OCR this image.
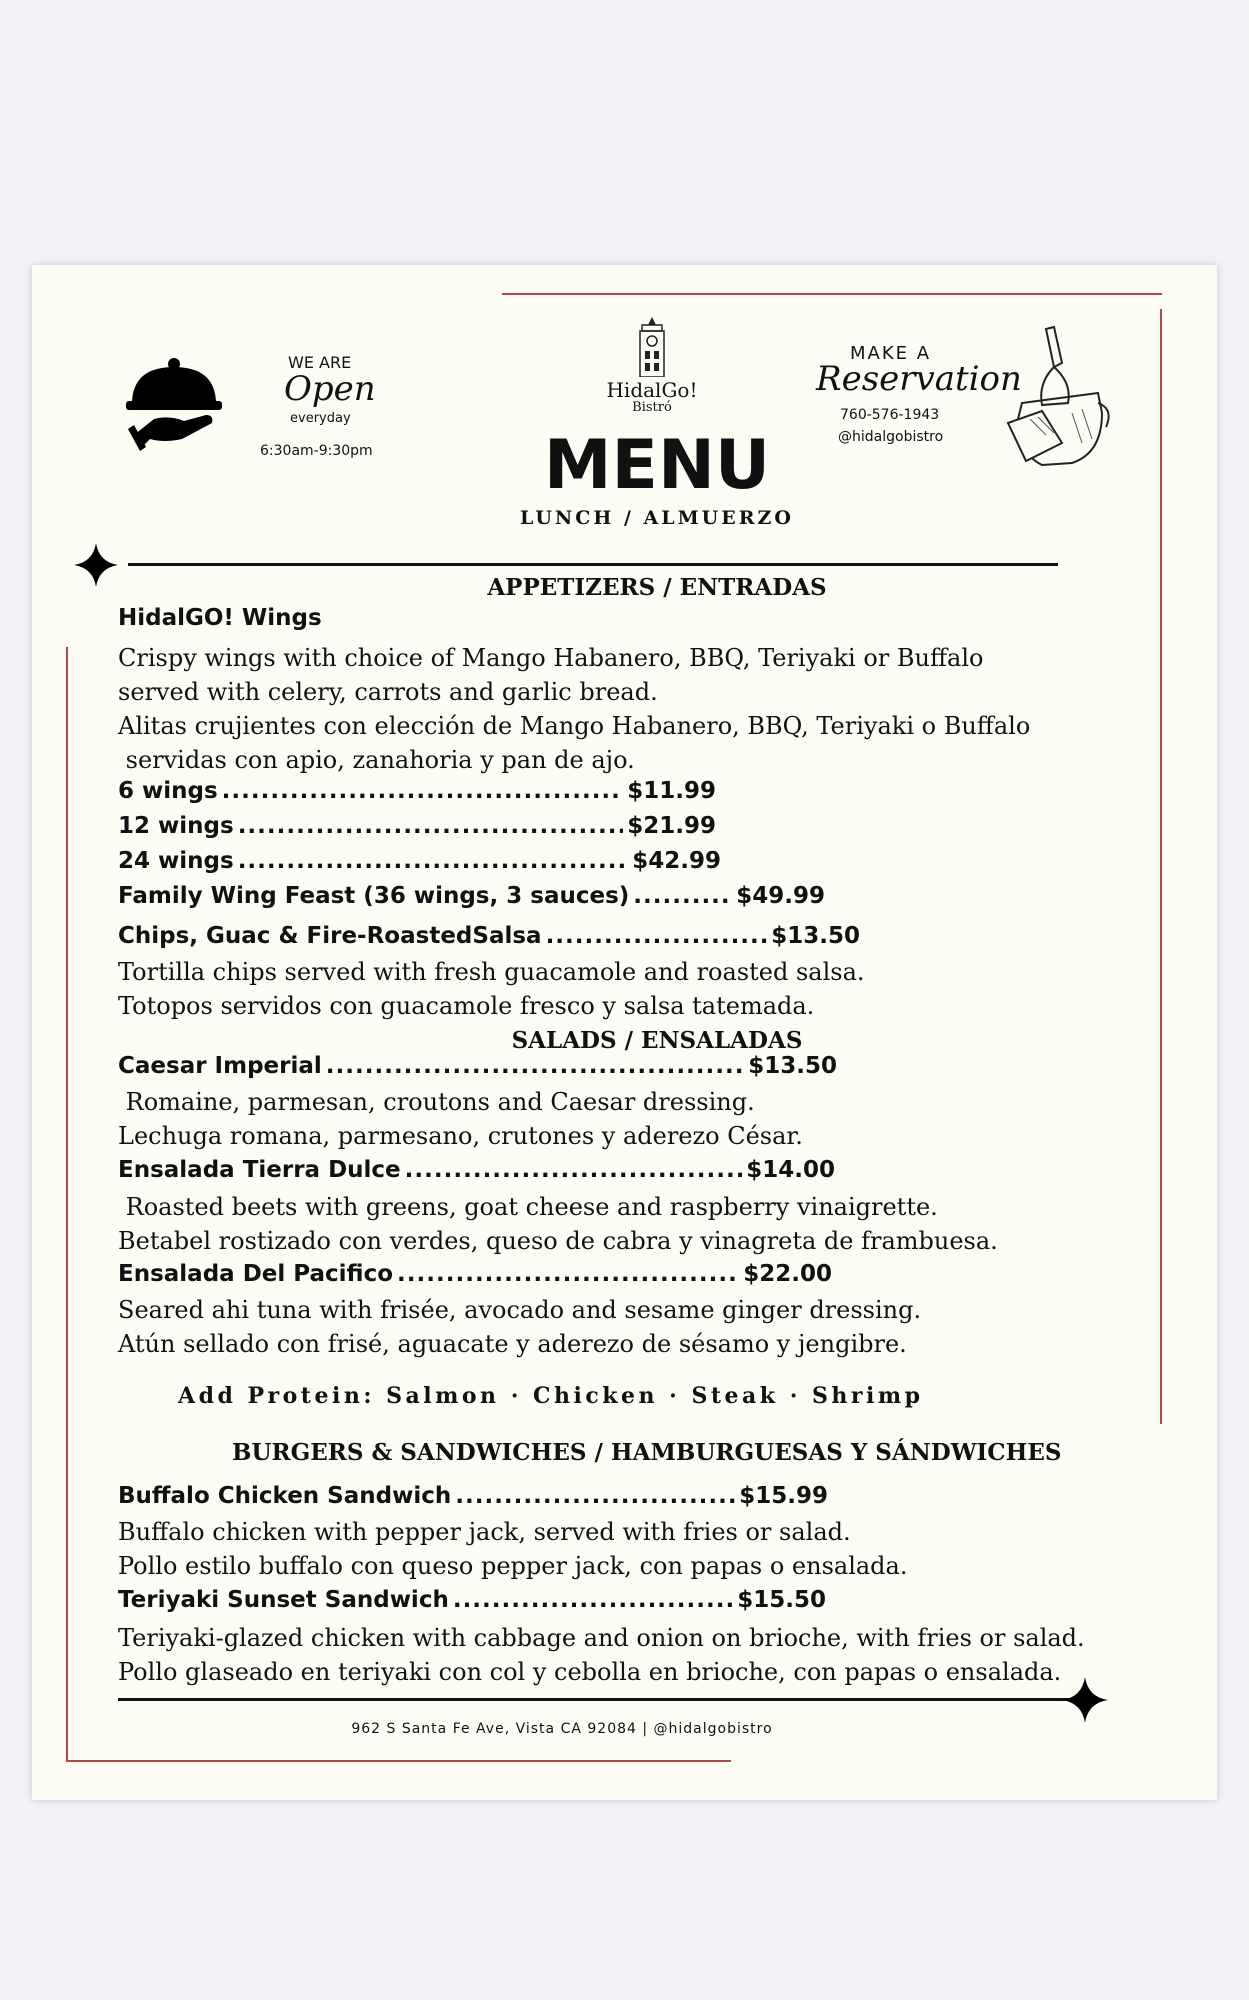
WE ARE
Open
everyday
6:30am-9:30pm
HidalGo!
Bistró
MENU
LUNCH / ALMUERZO
MAKE A
Reservation
760-576-1943
@hidalgobistro
APPETIZERS / ENTRADAS
HidalGO! Wings
Crispy wings with choice of Mango Habanero, BBQ, Teriyaki or Buffalo
served with celery, carrots and garlic bread.
Alitas crujientes con elección de Mango Habanero, BBQ, Teriyaki o Buffalo
servidas con apio, zanahoria y pan de ajo.
6 wings .....	$11.99
12 wings .....	$21.99
24 wings .....	$42.99
Family Wing Feast (36 wings, 3 sauces) .....	$49.99
Chips, Guac & Fire-RoastedSalsa .....	$13.50
Tortilla chips served with fresh guacamole and roasted salsa.
Totopos servidos con guacamole fresco y salsa tatemada.
SALADS / ENSALADAS
Caesar Imperial .....	$13.50
Romaine, parmesan, croutons and Caesar dressing.
Lechuga romana, parmesano, crutones y aderezo César.
Ensalada Tierra Dulce .....	$14.00
Roasted beets with greens, goat cheese and raspberry vinaigrette.
Betabel rostizado con verdes, queso de cabra y vinagreta de frambuesa.
Ensalada Del Pacifico .....	$22.00
Seared ahi tuna with frisée, avocado and sesame ginger dressing.
Atún sellado con frisé, aguacate y aderezo de sésamo y jengibre.
Add Protein: Salmon · Chicken · Steak · Shrimp
BURGERS & SANDWICHES / HAMBURGUESAS Y SÁNDWICHES
Buffalo Chicken Sandwich .....	$15.99
Buffalo chicken with pepper jack, served with fries or salad.
Pollo estilo buffalo con queso pepper jack, con papas o ensalada.
Teriyaki Sunset Sandwich .....	$15.50
Teriyaki-glazed chicken with cabbage and onion on brioche, with fries or salad.
Pollo glaseado en teriyaki con col y cebolla en brioche, con papas o ensalada.
962 S Santa Fe Ave, Vista CA 92084 | @hidalgobistro
